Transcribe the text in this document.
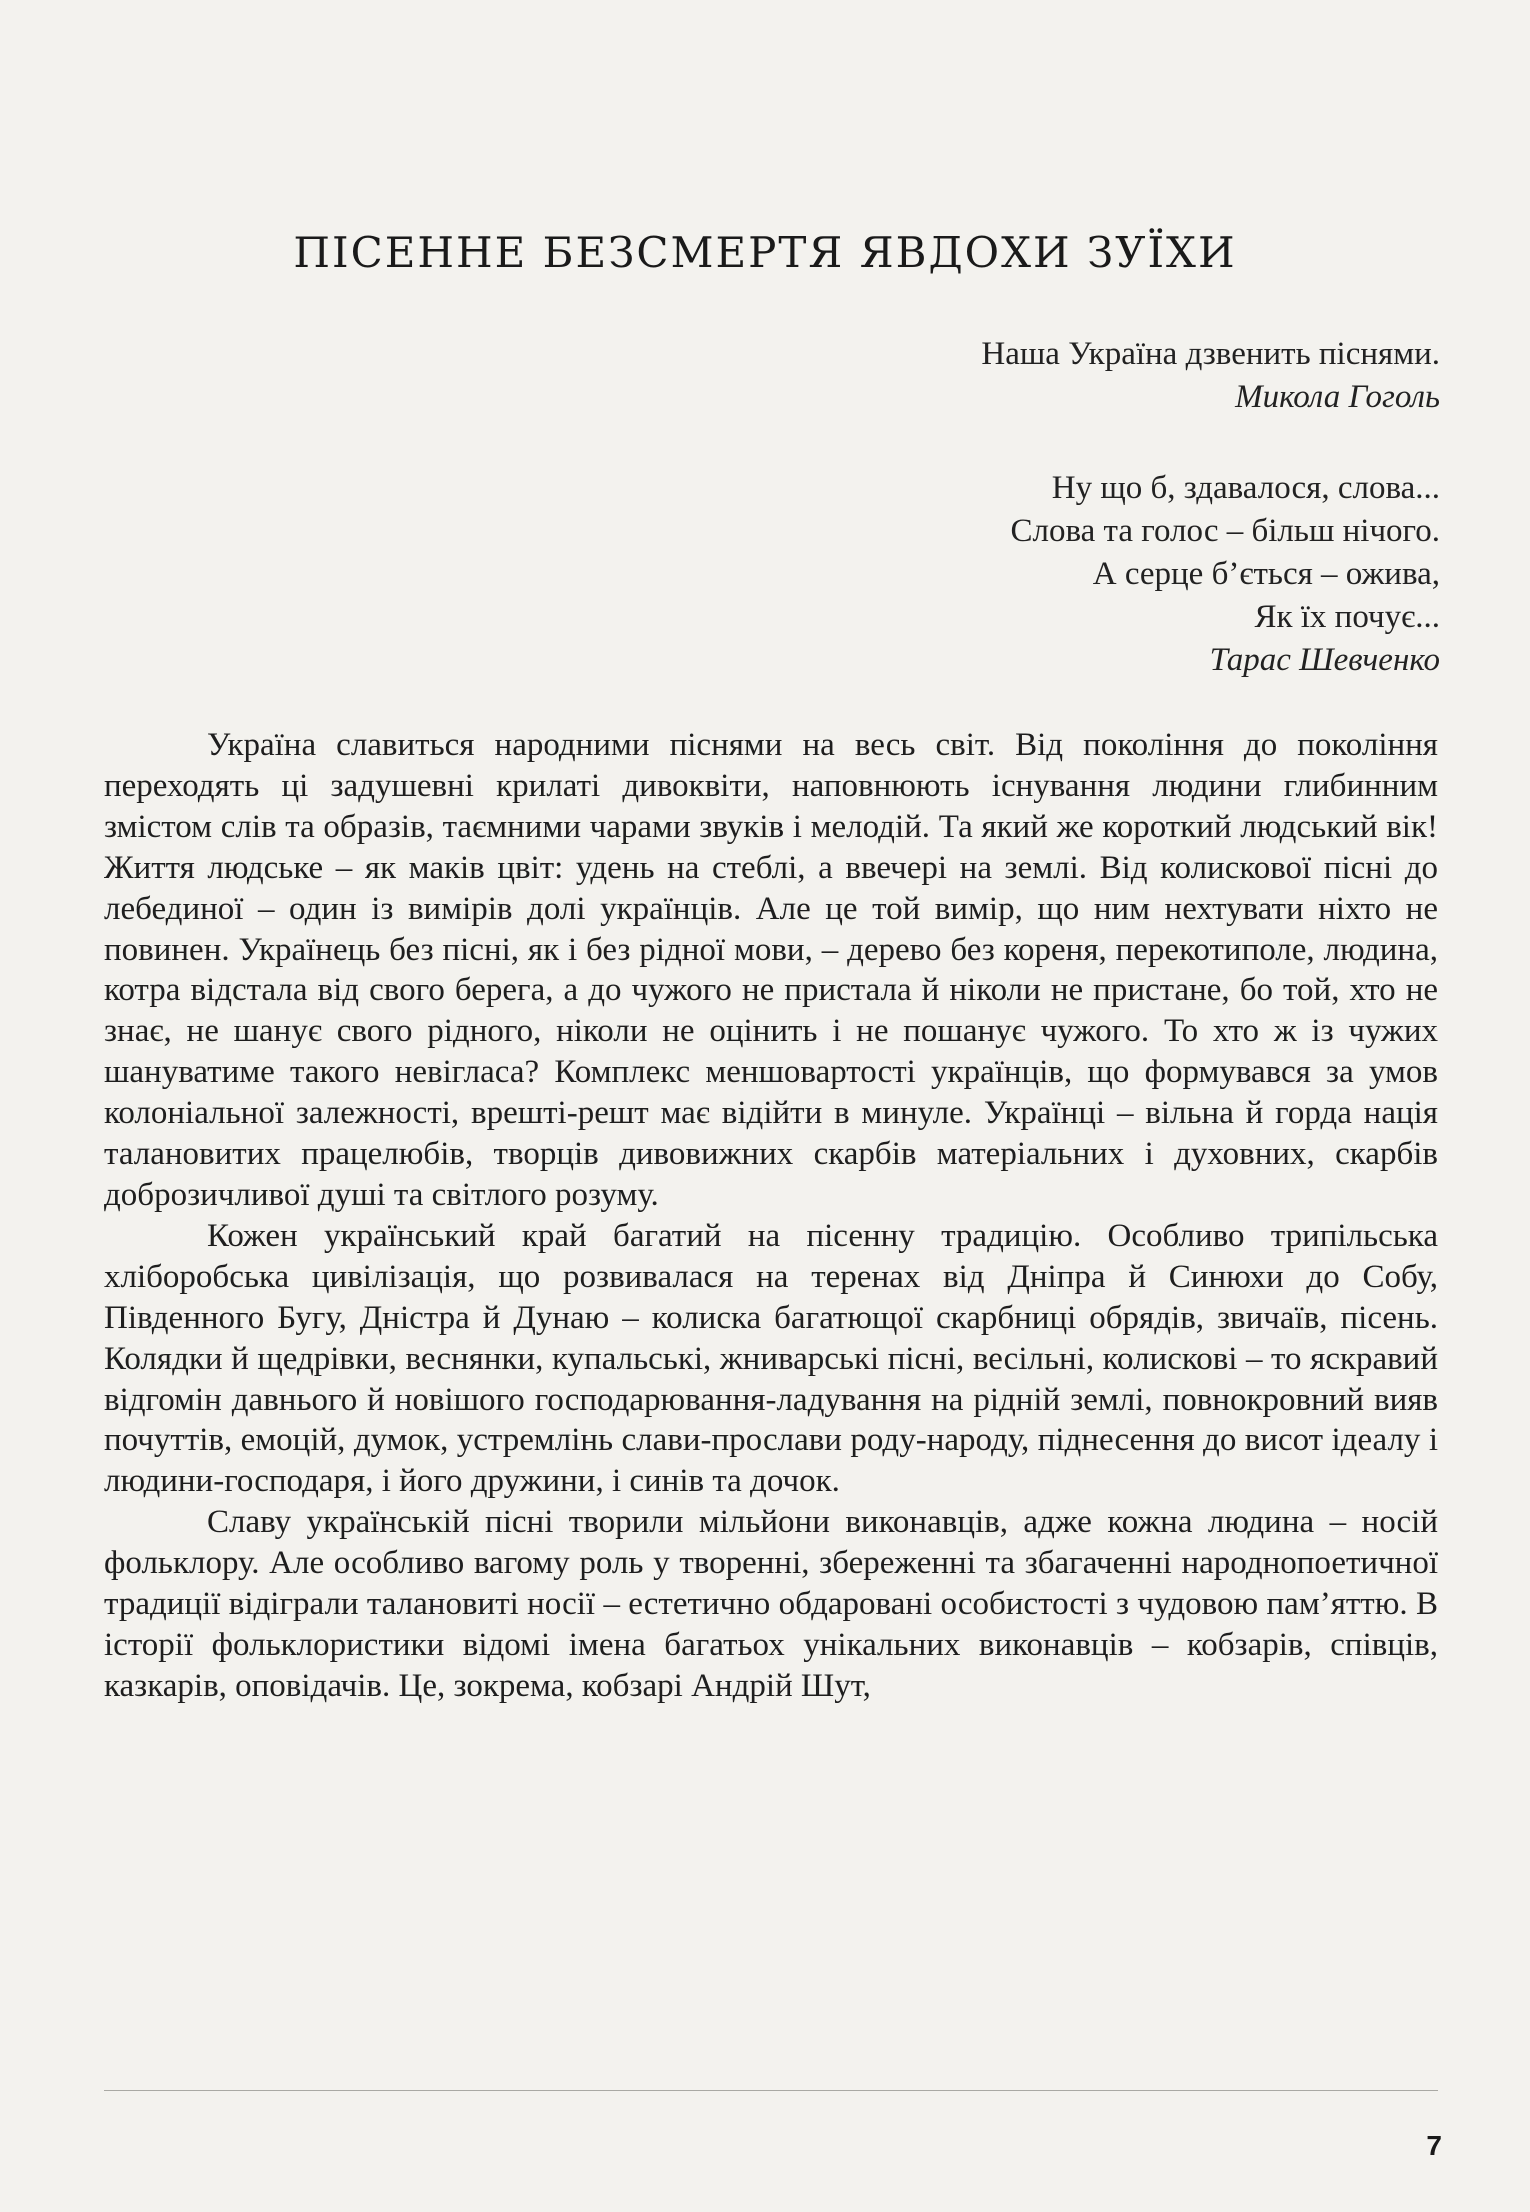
ПІСЕННЕ БЕЗСМЕРТЯ ЯВДОХИ ЗУЇХИ
Наша Україна дзвенить піснями.
Микола Гоголь
Ну що б, здавалося, слова...
Слова та голос – більш нічого.
А серце б’ється – ожива,
Як їх почує...
Тарас Шевченко

Україна славиться народними піснями на весь світ. Від покоління до покоління переходять ці задушевні крилаті дивоквіти, наповнюють існування людини глибинним змістом слів та образів, таємними чарами звуків і мелодій. Та який же короткий людський вік! Життя людське – як маків цвіт: удень на стеблі, а ввечері на землі. Від колискової пісні до лебединої – один із вимірів долі українців. Але це той вимір, що ним нехтувати ніхто не повинен. Українець без пісні, як і без рідної мови, – дерево без кореня, перекотиполе, людина, котра відстала від свого берега, а до чужого не пристала й ніколи не пристане, бо той, хто не знає, не шанує свого рідного, ніколи не оцінить і не пошанує чужого. То хто ж із чужих шануватиме такого невігласа? Комплекс меншовартості українців, що формувався за умов колоніальної залежності, врешті-решт має відійти в минуле. Українці – вільна й горда нація талановитих працелюбів, творців дивовижних скарбів матеріальних і духовних, скарбів доброзичливої душі та світлого розуму.

Кожен український край багатий на пісенну традицію. Особливо трипільська хліборобська цивілізація, що розвивалася на теренах від Дніпра й Синюхи до Собу, Південного Бугу, Дністра й Дунаю – колиска багатющої скарбниці обрядів, звичаїв, пісень. Колядки й щедрівки, веснянки, купальські, жниварські пісні, весільні, колискові – то яскравий відгомін давнього й новішого господарювання-ладування на рідній землі, повнокровний вияв почуттів, емоцій, думок, устремлінь слави-прослави роду-народу, піднесення до висот ідеалу і людини-господаря, і його дружини, і синів та дочок.

Славу українській пісні творили мільйони виконавців, адже кожна людина – носій фольклору. Але особливо вагому роль у творенні, збереженні та збагаченні народнопоетичної традиції відіграли талановиті носії – естетично обдаровані особистості з чудовою пам’яттю. В історії фольклористики відомі імена багатьох унікальних виконавців – кобзарів, співців, казкарів, оповідачів. Це, зокрема, кобзарі Андрій Шут,

7
